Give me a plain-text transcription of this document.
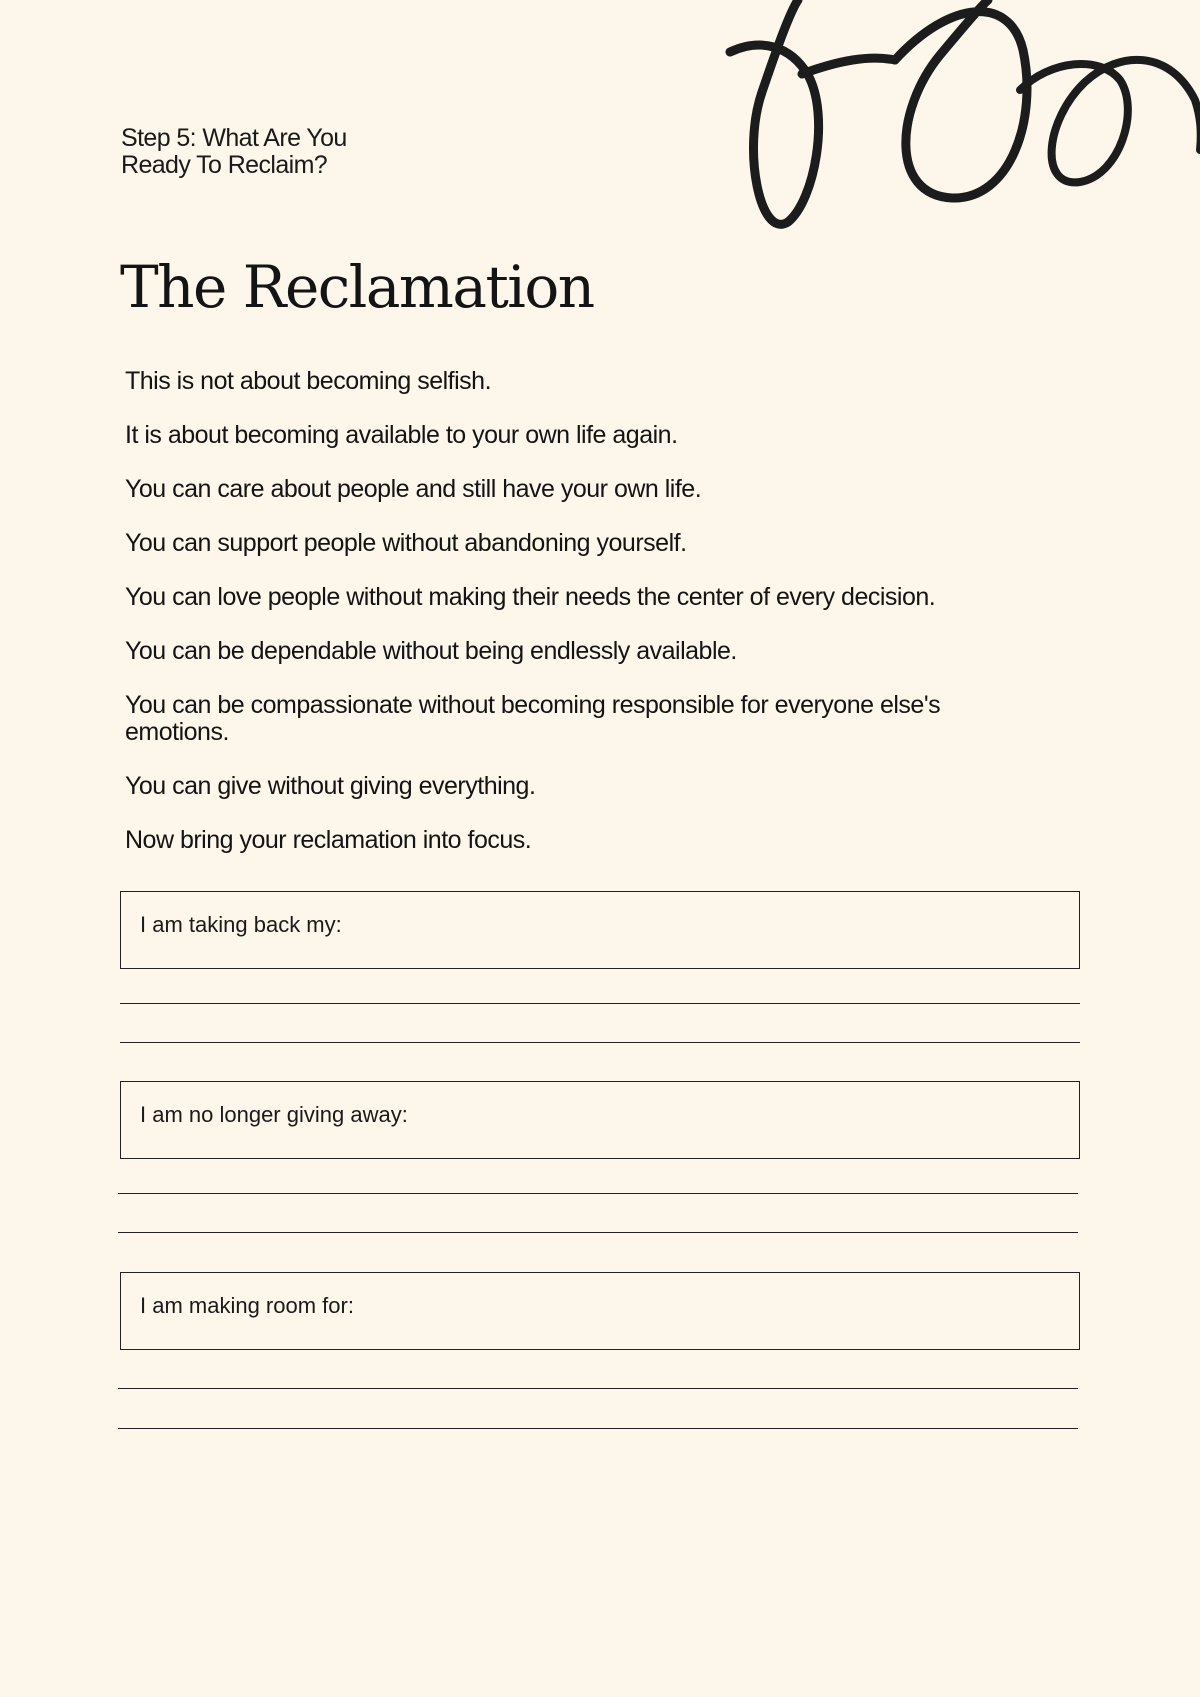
Step 5: What Are You
Ready To Reclaim?
The Reclamation
This is not about becoming selfish.
It is about becoming available to your own life again.
You can care about people and still have your own life.
You can support people without abandoning yourself.
You can love people without making their needs the center of every decision.
You can be dependable without being endlessly available.
You can be compassionate without becoming responsible for everyone else's emotions.
You can give without giving everything.
Now bring your reclamation into focus.
I am taking back my:
I am no longer giving away:
I am making room for:
